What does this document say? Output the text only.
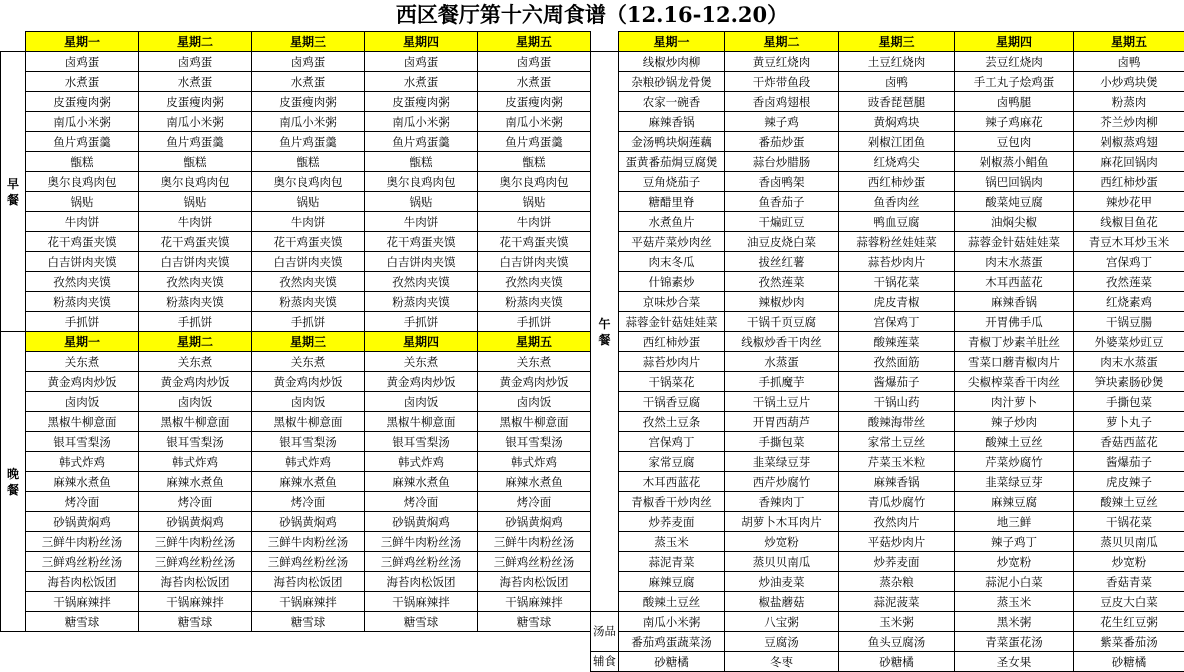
西区餐厅第十六周食谱（12.16-12.20）
	星期一	星期二	星期三	星期四	星期五

早
餐	卤鸡蛋	卤鸡蛋	卤鸡蛋	卤鸡蛋	卤鸡蛋
	水煮蛋	水煮蛋	水煮蛋	水煮蛋	水煮蛋
	皮蛋瘦肉粥	皮蛋瘦肉粥	皮蛋瘦肉粥	皮蛋瘦肉粥	皮蛋瘦肉粥
	南瓜小米粥	南瓜小米粥	南瓜小米粥	南瓜小米粥	南瓜小米粥
	鱼片鸡蛋羹	鱼片鸡蛋羹	鱼片鸡蛋羹	鱼片鸡蛋羹	鱼片鸡蛋羹
	甑糕	甑糕	甑糕	甑糕	甑糕
	奥尔良鸡肉包	奥尔良鸡肉包	奥尔良鸡肉包	奥尔良鸡肉包	奥尔良鸡肉包
	锅贴	锅贴	锅贴	锅贴	锅贴
	牛肉饼	牛肉饼	牛肉饼	牛肉饼	牛肉饼
	花干鸡蛋夹馍	花干鸡蛋夹馍	花干鸡蛋夹馍	花干鸡蛋夹馍	花干鸡蛋夹馍
	白吉饼肉夹馍	白吉饼肉夹馍	白吉饼肉夹馍	白吉饼肉夹馍	白吉饼肉夹馍
	孜然肉夹馍	孜然肉夹馍	孜然肉夹馍	孜然肉夹馍	孜然肉夹馍
	粉蒸肉夹馍	粉蒸肉夹馍	粉蒸肉夹馍	粉蒸肉夹馍	粉蒸肉夹馍
	手抓饼	手抓饼	手抓饼	手抓饼	手抓饼

晚
餐	星期一	星期二	星期三	星期四	星期五
	关东煮	关东煮	关东煮	关东煮	关东煮
	黄金鸡肉炒饭	黄金鸡肉炒饭	黄金鸡肉炒饭	黄金鸡肉炒饭	黄金鸡肉炒饭
	卤肉饭	卤肉饭	卤肉饭	卤肉饭	卤肉饭
	黑椒牛柳意面	黑椒牛柳意面	黑椒牛柳意面	黑椒牛柳意面	黑椒牛柳意面
	银耳雪梨汤	银耳雪梨汤	银耳雪梨汤	银耳雪梨汤	银耳雪梨汤
	韩式炸鸡	韩式炸鸡	韩式炸鸡	韩式炸鸡	韩式炸鸡
	麻辣水煮鱼	麻辣水煮鱼	麻辣水煮鱼	麻辣水煮鱼	麻辣水煮鱼
	烤冷面	烤冷面	烤冷面	烤冷面	烤冷面
	砂锅黄焖鸡	砂锅黄焖鸡	砂锅黄焖鸡	砂锅黄焖鸡	砂锅黄焖鸡
	三鲜牛肉粉丝汤	三鲜牛肉粉丝汤	三鲜牛肉粉丝汤	三鲜牛肉粉丝汤	三鲜牛肉粉丝汤
	三鲜鸡丝粉丝汤	三鲜鸡丝粉丝汤	三鲜鸡丝粉丝汤	三鲜鸡丝粉丝汤	三鲜鸡丝粉丝汤
	海苔肉松饭团	海苔肉松饭团	海苔肉松饭团	海苔肉松饭团	海苔肉松饭团
	干锅麻辣拌	干锅麻辣拌	干锅麻辣拌	干锅麻辣拌	干锅麻辣拌
	糖雪球	糖雪球	糖雪球	糖雪球	糖雪球

	星期一	星期二	星期三	星期四	星期五

午
餐	线椒炒肉柳	黄豆红烧肉	土豆红烧肉	芸豆红烧肉	卤鸭
	杂粮砂锅龙骨煲	干炸带鱼段	卤鸭	手工丸子烩鸡蛋	小炒鸡块煲
	农家一碗香	香卤鸡翅根	豉香琵琶腿	卤鸭腿	粉蒸肉
	麻辣香锅	辣子鸡	黄焖鸡块	辣子鸡麻花	芥兰炒肉柳
	金汤鸭块焖莲藕	番茄炒蛋	剁椒江团鱼	豆包肉	剁椒蒸鸡翅
	蛋黄番茄焗豆腐煲	蒜台炒腊肠	红烧鸡尖	剁椒蒸小鲳鱼	麻花回锅肉
	豆角烧茄子	香卤鸭架	西红柿炒蛋	锅巴回锅肉	西红柿炒蛋
	糖醋里脊	鱼香茄子	鱼香肉丝	酸菜炖豆腐	辣炒花甲
	水煮鱼片	干煸豇豆	鸭血豆腐	油焖尖椒	线椒目鱼花
	平菇芹菜炒肉丝	油豆皮烧白菜	蒜蓉粉丝娃娃菜	蒜蓉金针菇娃娃菜	青豆木耳炒玉米
	肉末冬瓜	拔丝红薯	蒜苔炒肉片	肉末水蒸蛋	宫保鸡丁
	什锦素炒	孜然莲菜	干锅花菜	木耳西蓝花	孜然莲菜
	京味炒合菜	辣椒炒肉	虎皮青椒	麻辣香锅	红烧素鸡
	蒜蓉金针菇娃娃菜	干锅千页豆腐	宫保鸡丁	开胃佛手瓜	干锅豆腸
	西红柿炒蛋	线椒炒香干肉丝	酸辣莲菜	青椒丁炒素羊肚丝	外婆菜炒豇豆
	蒜苔炒肉片	水蒸蛋	孜然面筋	雪菜口蘑青椒肉片	肉末水蒸蛋
	干锅菜花	手抓魔芋	酱爆茄子	尖椒榨菜香干肉丝	笋块素肠砂煲
	干锅香豆腐	干锅土豆片	干锅山药	肉汁萝卜	手撕包菜
	孜然土豆条	开胃西葫芦	酸辣海带丝	辣子炒肉	萝卜丸子
	宫保鸡丁	手撕包菜	家常土豆丝	酸辣土豆丝	香菇西蓝花
	家常豆腐	韭菜绿豆芽	芹菜玉米粒	芹菜炒腐竹	酱爆茄子
	木耳西蓝花	西芹炒腐竹	麻辣香锅	韭菜绿豆芽	虎皮辣子
	青椒香干炒肉丝	香辣肉丁	青瓜炒腐竹	麻辣豆腐	酸辣土豆丝
	炒荞麦面	胡萝卜木耳肉片	孜然肉片	地三鲜	干锅花菜
	蒸玉米	炒宽粉	平菇炒肉片	辣子鸡丁	蒸贝贝南瓜
	蒜泥青菜	蒸贝贝南瓜	炒荞麦面	炒宽粉	炒宽粉
	麻辣豆腐	炒油麦菜	蒸杂粮	蒜泥小白菜	香菇青菜
	酸辣土豆丝	椒盐蘑菇	蒜泥菠菜	蒸玉米	豆皮大白菜
汤品	南瓜小米粥	八宝粥	玉米粥	黑米粥	花生红豆粥
	番茄鸡蛋蔬菜汤	豆腐汤	鱼头豆腐汤	青菜蛋花汤	紫菜番茄汤
辅食	砂糖橘	冬枣	砂糖橘	圣女果	砂糖橘
